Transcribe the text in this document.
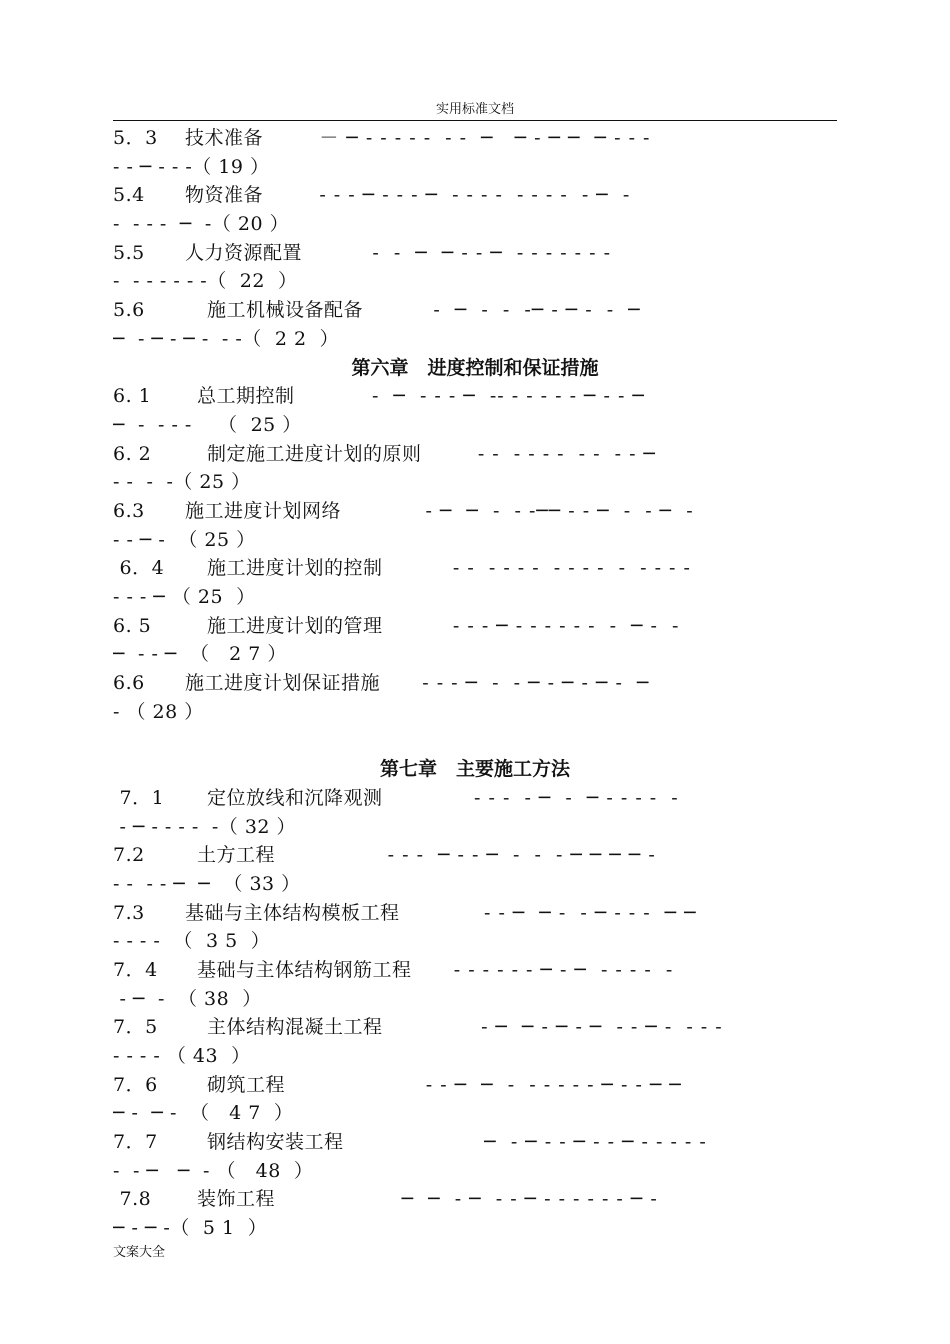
实用标准文档
5．3 技术准备        － ─ - - - - -  - -  ─   ─ - ─ ─  ─ - - -
- - ─ - - -（ 19 ）
5.4 物资准备        - - - ─ - - - ─  - - - -  - - - -  - ─  -
-  - - -  ─  -（ 20 ）
5.5 人力资源配置          -  -  ─  ─ - - ─  - - - - - - -
-  - - - - - -（  22  ）
5.6	施工机械设备配备          -  ─  -  -  -─ - ─ -  -  ─
─  - ─ - ─ -  - -（  2 2  ）
第六章　进度控制和保证措施
6. 1 总工期控制           -  ─  - - - ─  -- - - - - - ─ - - ─
─  -  - - -    （  25 ）
6. 2	制定施工进度计划的原则        - -  - - - -  - -  - - ─
- -  -  -（ 25 ）
6.3 施工进度计划网络            - ─  ─  -  - -── - - ─  -  - ─  -
- - ─ -  （ 25 ）
6．4 施工进度计划的控制          - -  - - - -  - - - -  -  - - - -
- - - ─ （ 25  ）
6. 5	施工进度计划的管理          - - - ─ - - - - - -  -  ─ -  -
─  - - ─  （   2 7 ）
6.6 施工进度计划保证措施      - - - ─  -  - ─ - ─ - ─ -  ─
- （ 28 ）
第七章　主要施工方法
7．1 定位放线和沉降观测             - - -  - ─  -  ─ - - - -  -
- ─ - - - -  -（ 32 ）
7.2	土方工程                - - -  ─ - - ─  -  -  - ─ ─ ─ ─ -
- -  - - ─  ─  （ 33 ）
7.3 基础与主体结构模板工程            - - ─  ─ -  - ─ - - -  ─ ─
- - - -  （  3 5  ）
7．4 基础与主体结构钢筋工程      - - - - - - ─ - ─  - - - -  -
- ─  -  （ 38  ）
7．5	主体结构混凝土工程              - ─  ─ - ─ - ─  - - ─ -  - - -
- - - - （ 43  ）
7．6	砌筑工程                    - - ─  ─  -  - - - - - ─ - - ─ ─
─ -  ─ -  （   4 7  ）
7．7	钢结构安装工程                    ─  - ─ - - ─ - - ─ - - - - -
-  - ─   ─  - （   48  ）
7.8 装饰工程                  ─  ─  - ─  - - ─ - - - - - - ─ -
─ - ─ -（  5 1  ）
文案大全
